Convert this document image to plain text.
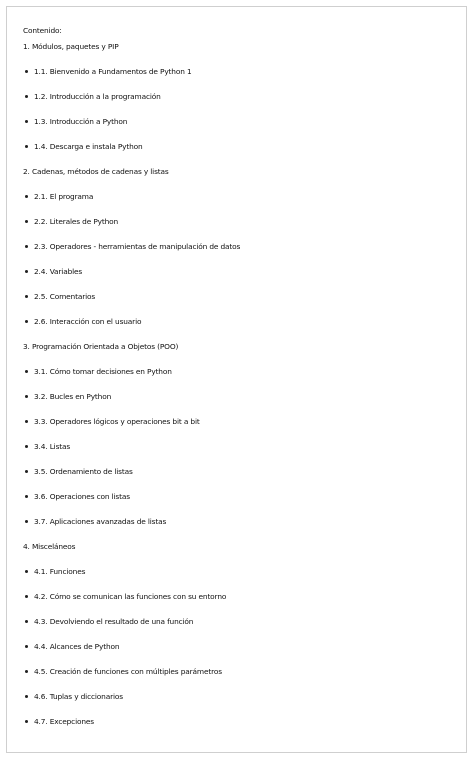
Contenido:
1. Módulos, paquetes y PIP
1.1. Bienvenido a Fundamentos de Python 1
1.2. Introducción a la programación
1.3. Introducción a Python
1.4. Descarga e instala Python
2. Cadenas, métodos de cadenas y listas
2.1. El programa
2.2. Literales de Python
2.3. Operadores - herramientas de manipulación de datos
2.4. Variables
2.5. Comentarios
2.6. Interacción con el usuario
3. Programación Orientada a Objetos (POO)
3.1. Cómo tomar decisiones en Python
3.2. Bucles en Python
3.3. Operadores lógicos y operaciones bit a bit
3.4. Listas
3.5. Ordenamiento de listas
3.6. Operaciones con listas
3.7. Aplicaciones avanzadas de listas
4. Misceláneos
4.1. Funciones
4.2. Cómo se comunican las funciones con su entorno
4.3. Devolviendo el resultado de una función
4.4. Alcances de Python
4.5. Creación de funciones con múltiples parámetros
4.6. Tuplas y diccionarios
4.7. Excepciones
